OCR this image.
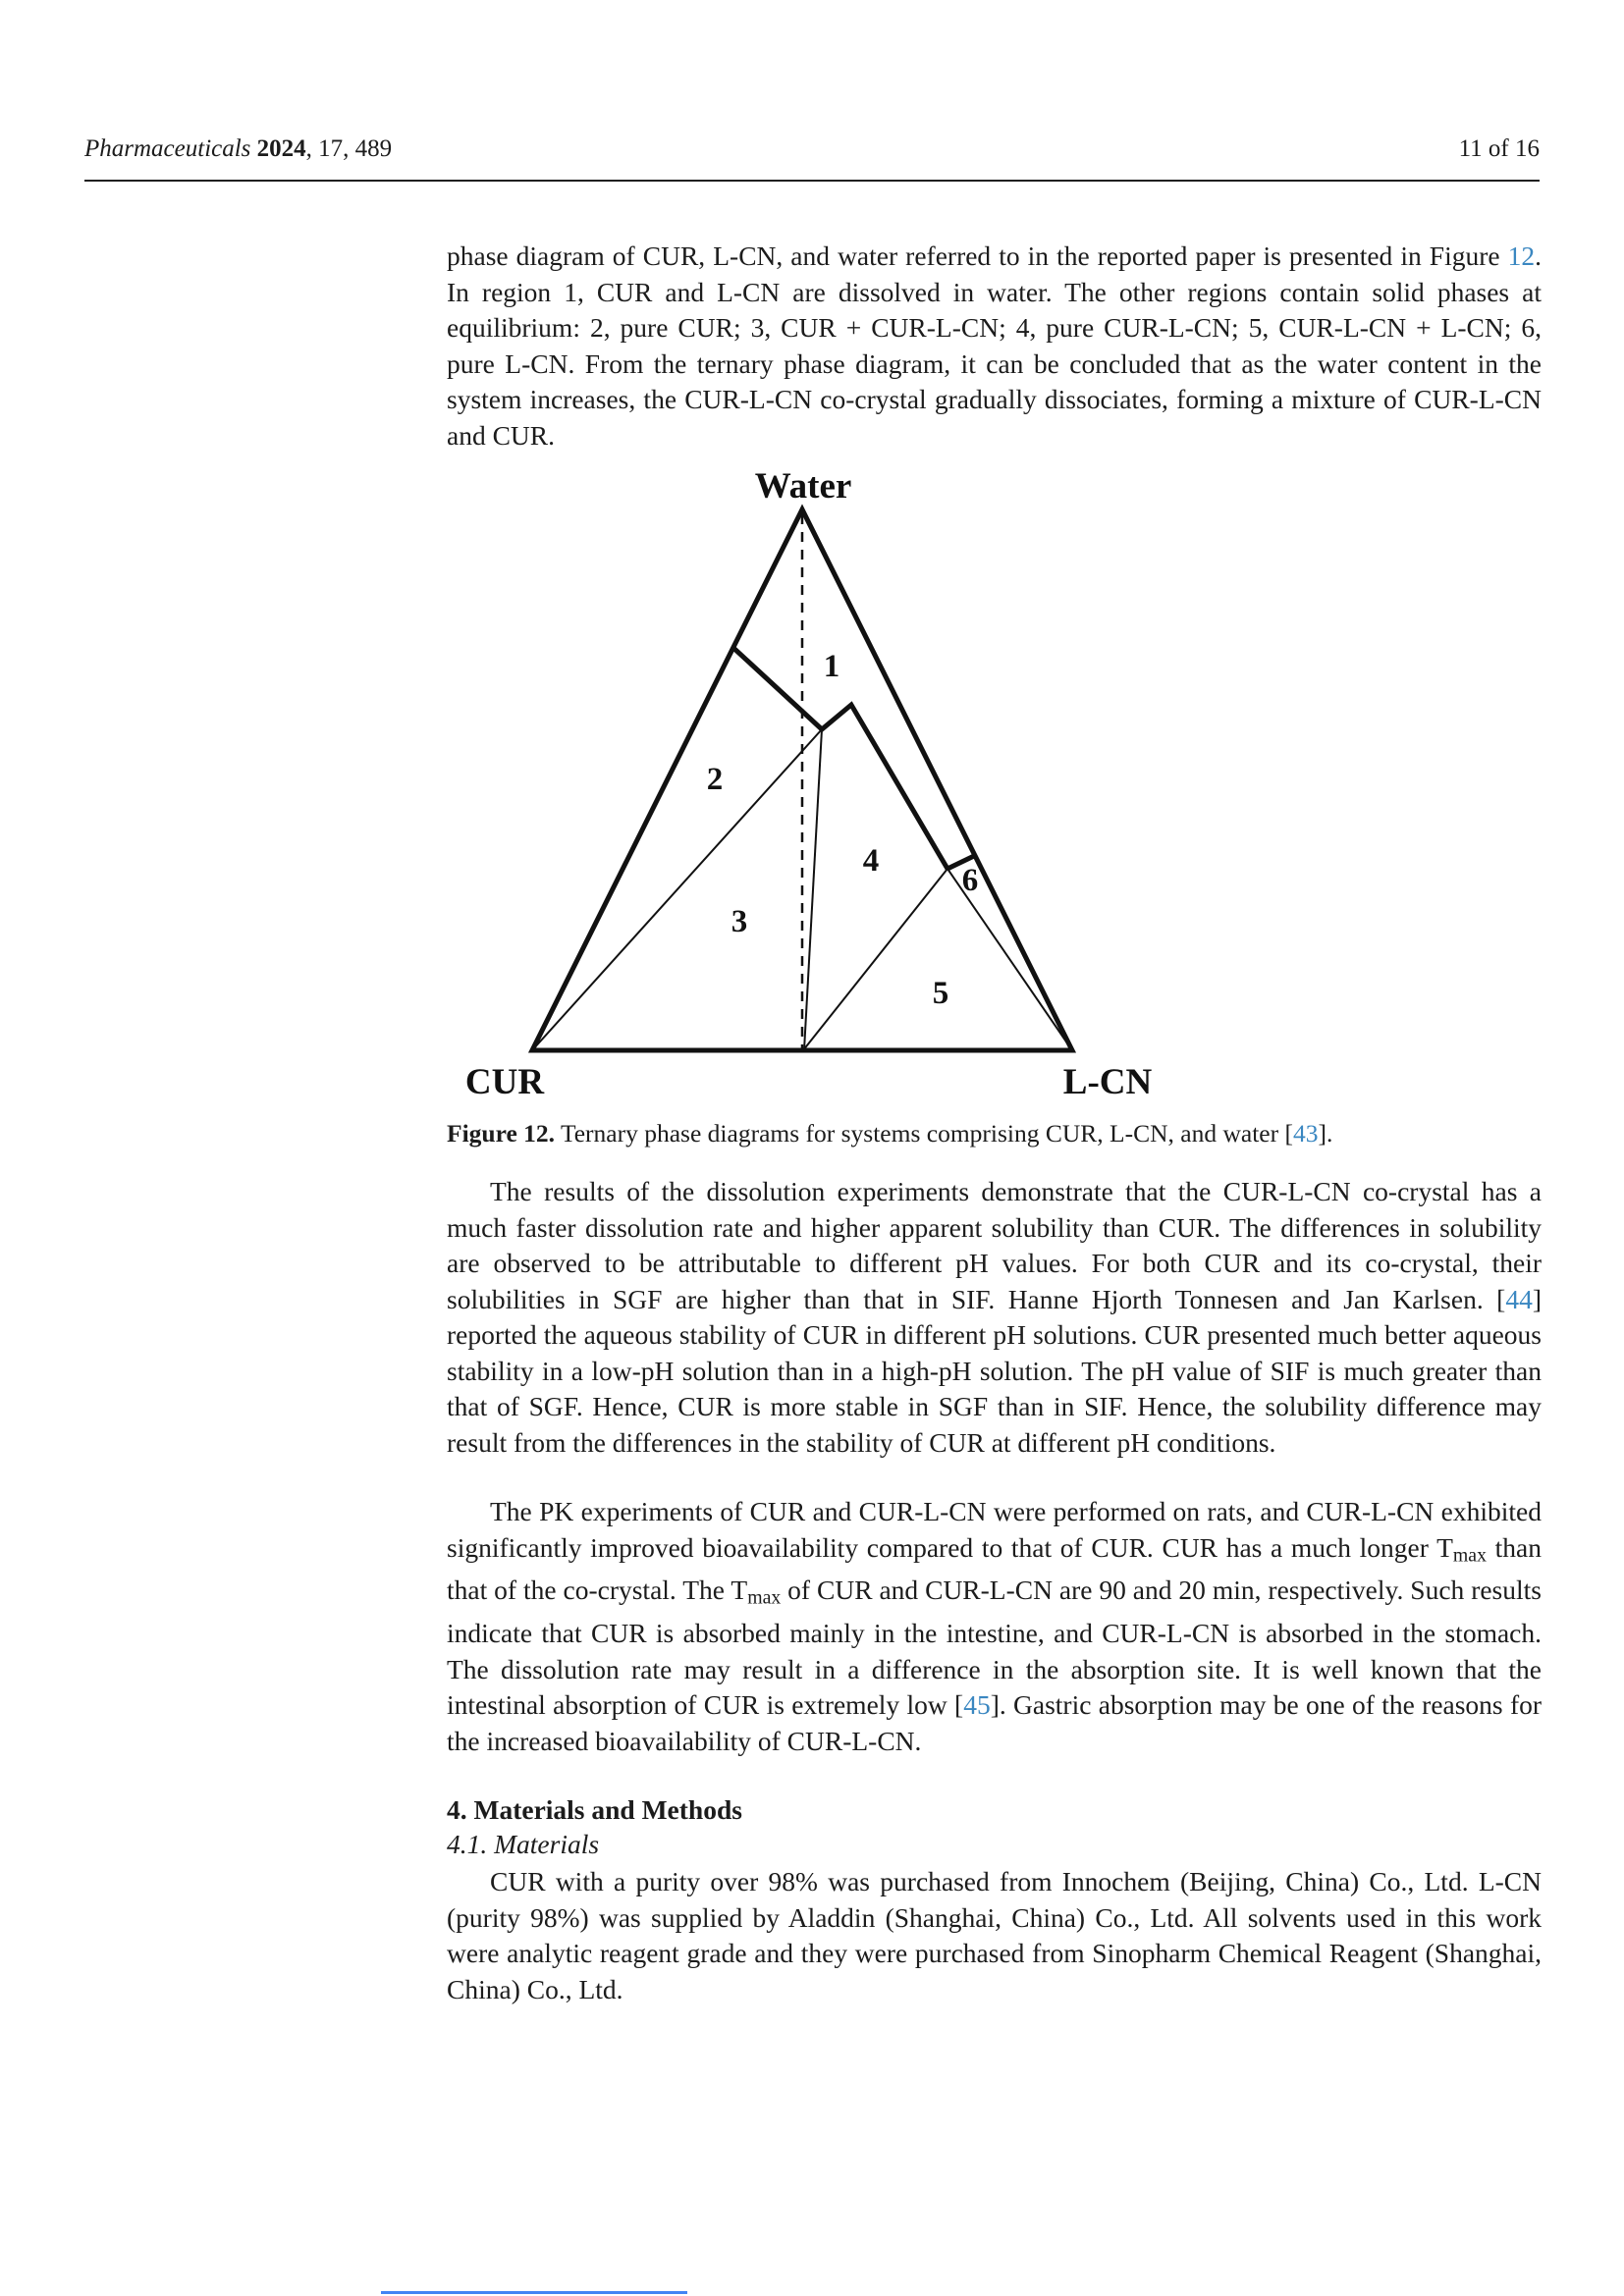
Pharmaceuticals 2024, 17, 489	11 of 16
phase diagram of CUR, L-CN, and water referred to in the reported paper is presented in Figure 12. In region 1, CUR and L-CN are dissolved in water. The other regions contain solid phases at equilibrium: 2, pure CUR; 3, CUR + CUR-L-CN; 4, pure CUR-L-CN; 5, CUR-L-CN + L-CN; 6, pure L-CN. From the ternary phase diagram, it can be concluded that as the water content in the system increases, the CUR-L-CN co-crystal gradually dissociates, forming a mixture of CUR-L-CN and CUR.
Water
CUR	L-CN
1
2
3
4
5
6
Figure 12. Ternary phase diagrams for systems comprising CUR, L-CN, and water [43].
The results of the dissolution experiments demonstrate that the CUR-L-CN co-crystal has a much faster dissolution rate and higher apparent solubility than CUR. The differences in solubility are observed to be attributable to different pH values. For both CUR and its co-crystal, their solubilities in SGF are higher than that in SIF. Hanne Hjorth Tonnesen and Jan Karlsen. [44] reported the aqueous stability of CUR in different pH solutions. CUR presented much better aqueous stability in a low-pH solution than in a high-pH solution. The pH value of SIF is much greater than that of SGF. Hence, CUR is more stable in SGF than in SIF. Hence, the solubility difference may result from the differences in the stability of CUR at different pH conditions.
The PK experiments of CUR and CUR-L-CN were performed on rats, and CUR-L-CN exhibited significantly improved bioavailability compared to that of CUR. CUR has a much longer Tmax than that of the co-crystal. The Tmax of CUR and CUR-L-CN are 90 and 20 min, respectively. Such results indicate that CUR is absorbed mainly in the intestine, and CUR-L-CN is absorbed in the stomach. The dissolution rate may result in a difference in the absorption site. It is well known that the intestinal absorption of CUR is extremely low [45]. Gastric absorption may be one of the reasons for the increased bioavailability of CUR-L-CN.
4. Materials and Methods
4.1. Materials
CUR with a purity over 98% was purchased from Innochem (Beijing, China) Co., Ltd. L-CN (purity 98%) was supplied by Aladdin (Shanghai, China) Co., Ltd. All solvents used in this work were analytic reagent grade and they were purchased from Sinopharm Chemical Reagent (Shanghai, China) Co., Ltd.
